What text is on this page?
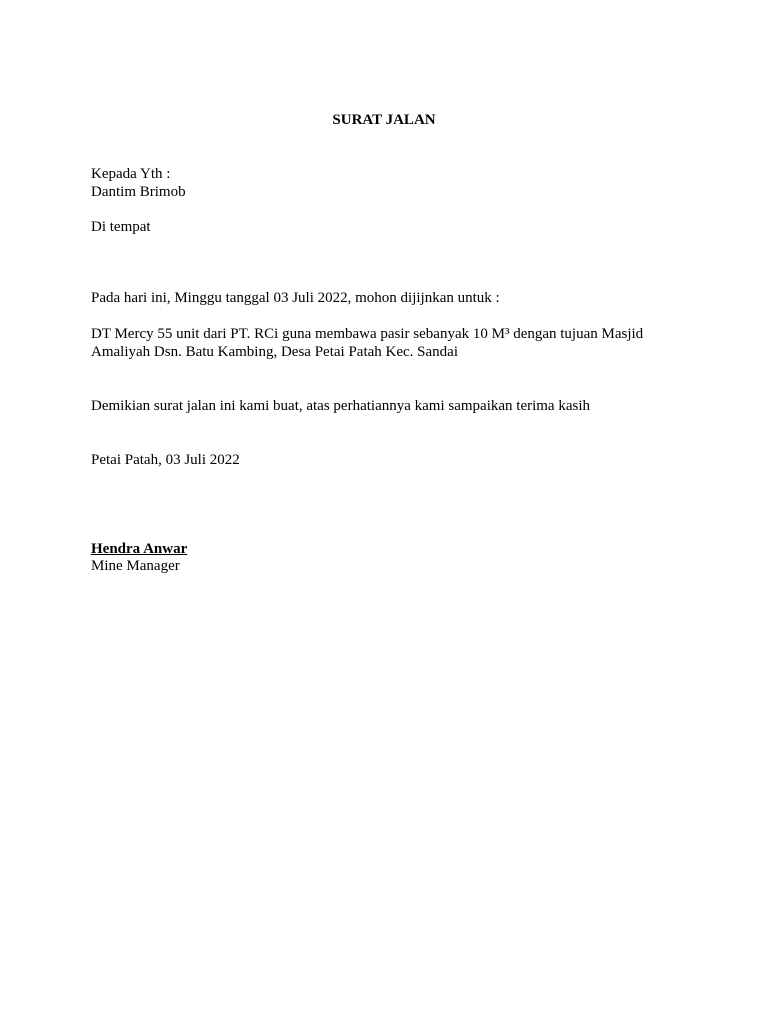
SURAT JALAN
Kepada Yth :
Dantim Brimob
Di tempat
Pada hari ini, Minggu tanggal 03 Juli 2022, mohon dijijnkan untuk :
DT Mercy 55 unit dari PT. RCi guna membawa pasir sebanyak 10 M³ dengan tujuan Masjid
Amaliyah Dsn. Batu Kambing, Desa Petai Patah Kec. Sandai
Demikian surat jalan ini kami buat, atas perhatiannya kami sampaikan terima kasih
Petai Patah, 03 Juli 2022
Hendra Anwar
Mine Manager
